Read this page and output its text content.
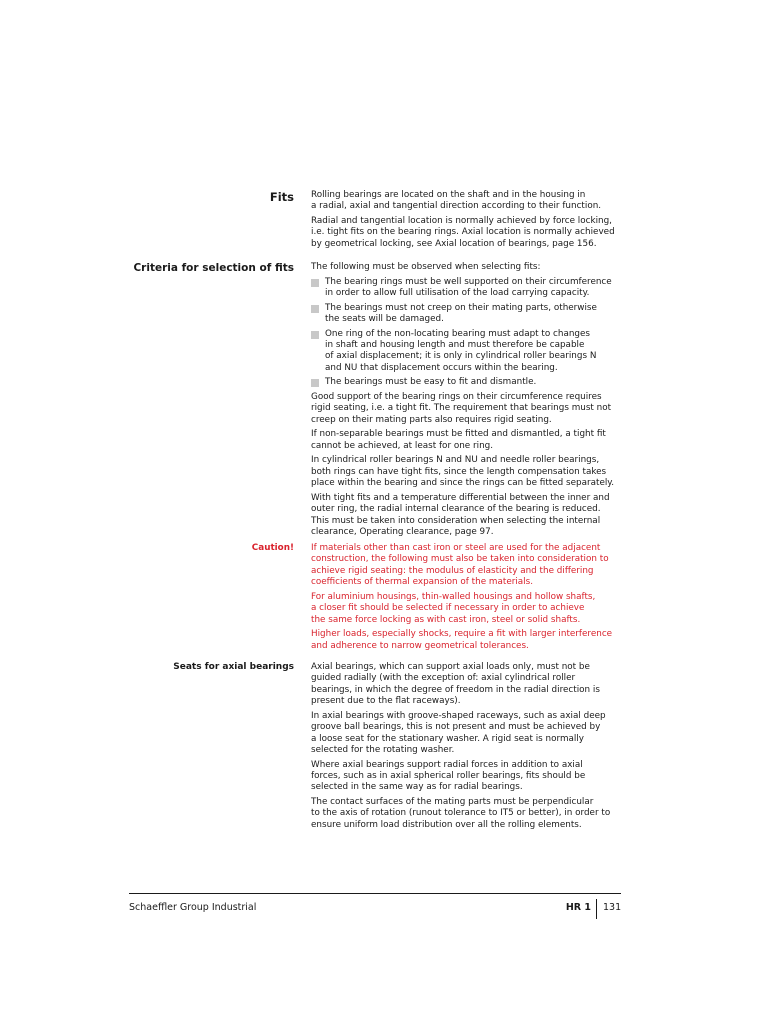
Fits Rolling bearings are located on the shaft and in the housing in
a radial, axial and tangential direction according to their function.

Radial and tangential location is normally achieved by force locking,
i.e. tight fits on the bearing rings. Axial location is normally achieved
by geometrical locking, see Axial location of bearings, page 156.

Criteria for selection of fits The following must be observed when selecting fits:

The bearing rings must be well supported on their circumference
in order to allow full utilisation of the load carrying capacity.

The bearings must not creep on their mating parts, otherwise
the seats will be damaged.

One ring of the non-locating bearing must adapt to changes
in shaft and housing length and must therefore be capable
of axial displacement; it is only in cylindrical roller bearings N
and NU that displacement occurs within the bearing.

The bearings must be easy to fit and dismantle.

Good support of the bearing rings on their circumference requires
rigid seating, i.e. a tight fit. The requirement that bearings must not
creep on their mating parts also requires rigid seating.

If non-separable bearings must be fitted and dismantled, a tight fit
cannot be achieved, at least for one ring.

In cylindrical roller bearings N and NU and needle roller bearings,
both rings can have tight fits, since the length compensation takes
place within the bearing and since the rings can be fitted separately.

With tight fits and a temperature differential between the inner and
outer ring, the radial internal clearance of the bearing is reduced.
This must be taken into consideration when selecting the internal
clearance, Operating clearance, page 97.

Caution! If materials other than cast iron or steel are used for the adjacent
construction, the following must also be taken into consideration to
achieve rigid seating: the modulus of elasticity and the differing
coefficients of thermal expansion of the materials.

For aluminium housings, thin-walled housings and hollow shafts,
a closer fit should be selected if necessary in order to achieve
the same force locking as with cast iron, steel or solid shafts.

Higher loads, especially shocks, require a fit with larger interference
and adherence to narrow geometrical tolerances.

Seats for axial bearings Axial bearings, which can support axial loads only, must not be
guided radially (with the exception of: axial cylindrical roller
bearings, in which the degree of freedom in the radial direction is
present due to the flat raceways).

In axial bearings with groove-shaped raceways, such as axial deep
groove ball bearings, this is not present and must be achieved by
a loose seat for the stationary washer. A rigid seat is normally
selected for the rotating washer.

Where axial bearings support radial forces in addition to axial
forces, such as in axial spherical roller bearings, fits should be
selected in the same way as for radial bearings.

The contact surfaces of the mating parts must be perpendicular
to the axis of rotation (runout tolerance to IT5 or better), in order to
ensure uniform load distribution over all the rolling elements.

Schaeffler Group Industrial	HR 1 131
